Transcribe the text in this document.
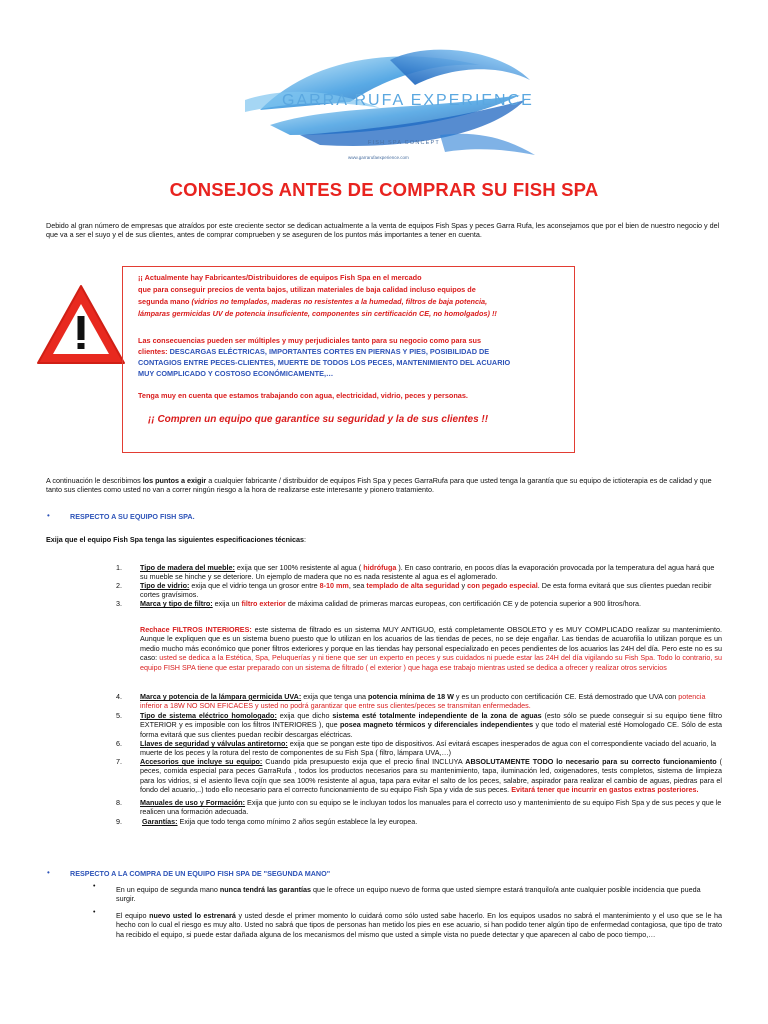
GARRA RUFA EXPERIENCE
FISH SPA CONCEPT
www.garrarufaexperience.com
CONSEJOS ANTES DE COMPRAR SU FISH SPA

Debido al gran número de empresas que atraídos por este creciente sector se dedican actualmente a la venta de equipos Fish Spas y peces Garra Rufa, les aconsejamos que por el bien de nuestro negocio y del que va a ser el suyo y el de sus clientes, antes de comprar comprueben y se aseguren de los puntos más importantes a tener en cuenta.

¡¡ Actualmente hay Fabricantes/Distribuidores de equipos Fish Spa en el mercado

que para conseguir precios de venta bajos, utilizan materiales de baja calidad incluso equipos de

segunda mano (vidrios no templados, maderas no resistentes a la humedad, filtros de baja potencia,

lámparas germicidas UV de potencia insuficiente, componentes sin certificación CE, no homolgados) !!

Las consecuencias pueden ser múltiples y muy perjudiciales tanto para su negocio como para sus

clientes: DESCARGAS ELÉCTRICAS, IMPORTANTES CORTES EN PIERNAS Y PIES, POSIBILIDAD DE

CONTAGIOS ENTRE PECES-CLIENTES, MUERTE DE TODOS LOS PECES, MANTENIMIENTO DEL ACUARIO

MUY COMPLICADO Y COSTOSO ECONÓMICAMENTE,…

Tenga muy en cuenta que estamos trabajando con agua, electricidad, vidrio, peces y personas.

¡¡ Compren un equipo que garantice su seguridad y la de sus clientes !!

A continuación le describimos los puntos a exigir a cualquier fabricante / distribuidor de equipos Fish Spa y peces GarraRufa para que usted tenga la garantía que su equipo de ictioterapia es de calidad y que tanto sus clientes como usted no van a correr ningún riesgo a la hora de realizarse este interesante y pionero tratamiento.

•	RESPECTO A SU EQUIPO FISH SPA.

Exija que el equipo Fish Spa tenga las siguientes especificaciones técnicas:

1.	Tipo de madera del mueble: exija que ser 100% resistente al agua ( hidrófuga ). En caso contrario, en pocos días la evaporación provocada por la temperatura del agua hará que su mueble se hinche y se deteriore. Un ejemplo de madera que no es nada resistente al agua es el aglomerado.

2.	Tipo de vidrio: exija que el vidrio tenga un grosor entre 8-10 mm, sea templado de alta seguridad y con pegado especial. De esta forma evitará que sus clientes puedan recibir cortes gravísimos.

3.	Marca y tipo de filtro: exija un filtro exterior de máxima calidad de primeras marcas europeas, con certificación CE y de potencia superior a 900 litros/hora.

Rechace FILTROS INTERIORES: este sistema de filtrado es un sistema MUY ANTIGUO, está completamente OBSOLETO y es MUY COMPLICADO realizar su mantenimiento. Aunque le expliquen que es un sistema bueno puesto que lo utilizan en los acuarios de las tiendas de peces, no se deje engañar. Las tiendas de acuarofilia lo utilizan porque es un medio mucho más económico que poner filtros exteriores y porque en las tiendas hay personal especializado en peces pendientes de los acuarios las 24H del día. Pero este no es su caso: usted se dedica a la Estética, Spa, Peluquerías y ni tiene que ser un experto en peces y sus cuidados ni puede estar las 24H del día vigilando su Fish Spa. Todo lo contrario, su equipo FISH SPA tiene que estar preparado con un sistema de filtrado ( el exterior ) que haga ese trabajo mientras usted se dedica a ofrecer y realizar otros servicios

4.	Marca y potencia de la lámpara germicida UVA: exija que tenga una potencia mínima de 18 W y es un producto con certificación CE. Está demostrado que UVA con potencia inferior a 18W NO SON EFICACES y usted no podrá garantizar que entre sus clientes/peces se transmitan enfermedades.

5.	Tipo de sistema eléctrico homologado: exija que dicho sistema esté totalmente independiente de la zona de aguas (esto sólo se puede conseguir si su equipo tiene filtro EXTERIOR y es imposible con los filtros INTERIORES ), que posea magneto térmicos y diferenciales independientes y que todo el material esté Homologado CE. Sólo de esta forma evitará que sus clientes puedan recibir descargas eléctricas.

6.	Llaves de seguridad y válvulas antiretorno: exija que se pongan este tipo de dispositivos. Así evitará escapes inesperados de agua con el correspondiente vaciado del acuario, la muerte de los peces y la rotura del resto de componentes de su Fish Spa ( filtro, lámpara UVA,…)

7.	Accesorios que incluye su equipo: Cuando pida presupuesto exija que el precio final INCLUYA ABSOLUTAMENTE TODO lo necesario para su correcto funcionamiento ( peces, comida especial para peces GarraRufa , todos los productos necesarios para su mantenimiento, tapa, iluminación led, oxigenadores, tests completos, sistema de limpieza para los vidrios, si el asiento lleva cojín que sea 100% resistente al agua, tapa para evitar el salto de los peces, salabre, aspirador para realizar el cambio de aguas, piedras para el fondo del acuario,..) todo ello necesario para el correcto funcionamiento de su equipo Fish Spa y vida de sus peces. Evitará tener que incurrir en gastos extras posteriores.

8.	Manuales de uso y Formación: Exija que junto con su equipo se le incluyan todos los manuales para el correcto uso y mantenimiento de su equipo Fish Spa y de sus peces y que le realicen una formación adecuada.

9.	Garantías: Exija que todo tenga como mínimo 2 años según establece la ley europea.

•	RESPECTO A LA COMPRA DE UN EQUIPO FISH SPA DE "SEGUNDA MANO"
•	En un equipo de segunda mano nunca tendrá las garantías que le ofrece un equipo nuevo de forma que usted siempre estará tranquilo/a ante cualquier posible incidencia que pueda surgir.

•	El equipo nuevo usted lo estrenará y usted desde el primer momento lo cuidará como sólo usted sabe hacerlo. En los equipos usados no sabrá el mantenimiento y el uso que se le ha hecho con lo cual el riesgo es muy alto. Usted no sabrá que tipos de personas han metido los pies en ese acuario, si han podido tener algún tipo de enfermedad contagiosa, que tipo de trato ha recibido el equipo, si puede estar dañada alguna de los mecanismos del mismo que usted a simple vista no puede detectar y que aparecen al cabo de poco tiempo,…
